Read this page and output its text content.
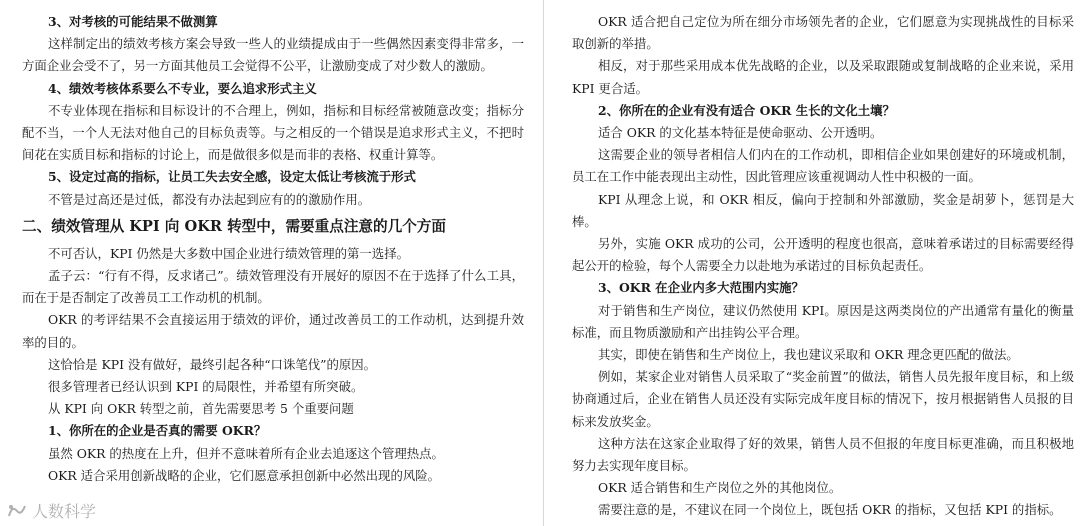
3、对考核的可能结果不做测算

这样制定出的绩效考核方案会导致一些人的业绩提成由于一些偶然因素变得非常多，一方面企业会受不了，另一方面其他员工会觉得不公平，让激励变成了对少数人的激励。

4、绩效考核体系要么不专业，要么追求形式主义

不专业体现在指标和目标设计的不合理上，例如，指标和目标经常被随意改变；指标分配不当，一个人无法对他自己的目标负责等。与之相反的一个错误是追求形式主义，不把时间花在实质目标和指标的讨论上，而是做很多似是而非的表格、权重计算等。

5、设定过高的指标，让员工失去安全感，设定太低让考核流于形式

不管是过高还是过低，都没有办法起到应有的的激励作用。

二、绩效管理从 KPI 向 OKR 转型中，需要重点注意的几个方面

不可否认，KPI 仍然是大多数中国企业进行绩效管理的第一选择。

孟子云：“行有不得，反求诸己”。绩效管理没有开展好的原因不在于选择了什么工具，而在于是否制定了改善员工工作动机的机制。

OKR 的考评结果不会直接运用于绩效的评价，通过改善员工的工作动机，达到提升效率的目的。

这恰恰是 KPI 没有做好，最终引起各种“口诛笔伐”的原因。

很多管理者已经认识到 KPI 的局限性，并希望有所突破。

从 KPI 向 OKR 转型之前，首先需要思考 5 个重要问题

1、你所在的企业是否真的需要 OKR？

虽然 OKR 的热度在上升，但并不意味着所有企业去追逐这个管理热点。

OKR 适合采用创新战略的企业，它们愿意承担创新中必然出现的风险。

OKR 适合把自己定位为所在细分市场领先者的企业，它们愿意为实现挑战性的目标采取创新的举措。

相反，对于那些采用成本优先战略的企业，以及采取跟随或复制战略的企业来说，采用 KPI 更合适。

2、你所在的企业有没有适合 OKR 生长的文化土壤？

适合 OKR 的文化基本特征是使命驱动、公开透明。

这需要企业的领导者相信人们内在的工作动机，即相信企业如果创建好的环境或机制，员工在工作中能表现出主动性，因此管理应该重视调动人性中积极的一面。

KPI 从理念上说，和 OKR 相反，偏向于控制和外部激励，奖金是胡萝卜，惩罚是大棒。

另外，实施 OKR 成功的公司，公开透明的程度也很高，意味着承诺过的目标需要经得起公开的检验，每个人需要全力以赴地为承诺过的目标负起责任。

3、OKR 在企业内多大范围内实施？

对于销售和生产岗位，建议仍然使用 KPI。原因是这两类岗位的产出通常有量化的衡量标准，而且物质激励和产出挂钩公平合理。

其实，即使在销售和生产岗位上，我也建议采取和 OKR 理念更匹配的做法。

例如，某家企业对销售人员采取了“奖金前置”的做法，销售人员先报年度目标，和上级协商通过后，企业在销售人员还没有实际完成年度目标的情况下，按月根据销售人员报的目标来发放奖金。

这种方法在这家企业取得了好的效果，销售人员不但报的年度目标更准确，而且积极地努力去实现年度目标。

OKR 适合销售和生产岗位之外的其他岗位。

需要注意的是，不建议在同一个岗位上，既包括 OKR 的指标，又包括 KPI 的指标。

人数科学
